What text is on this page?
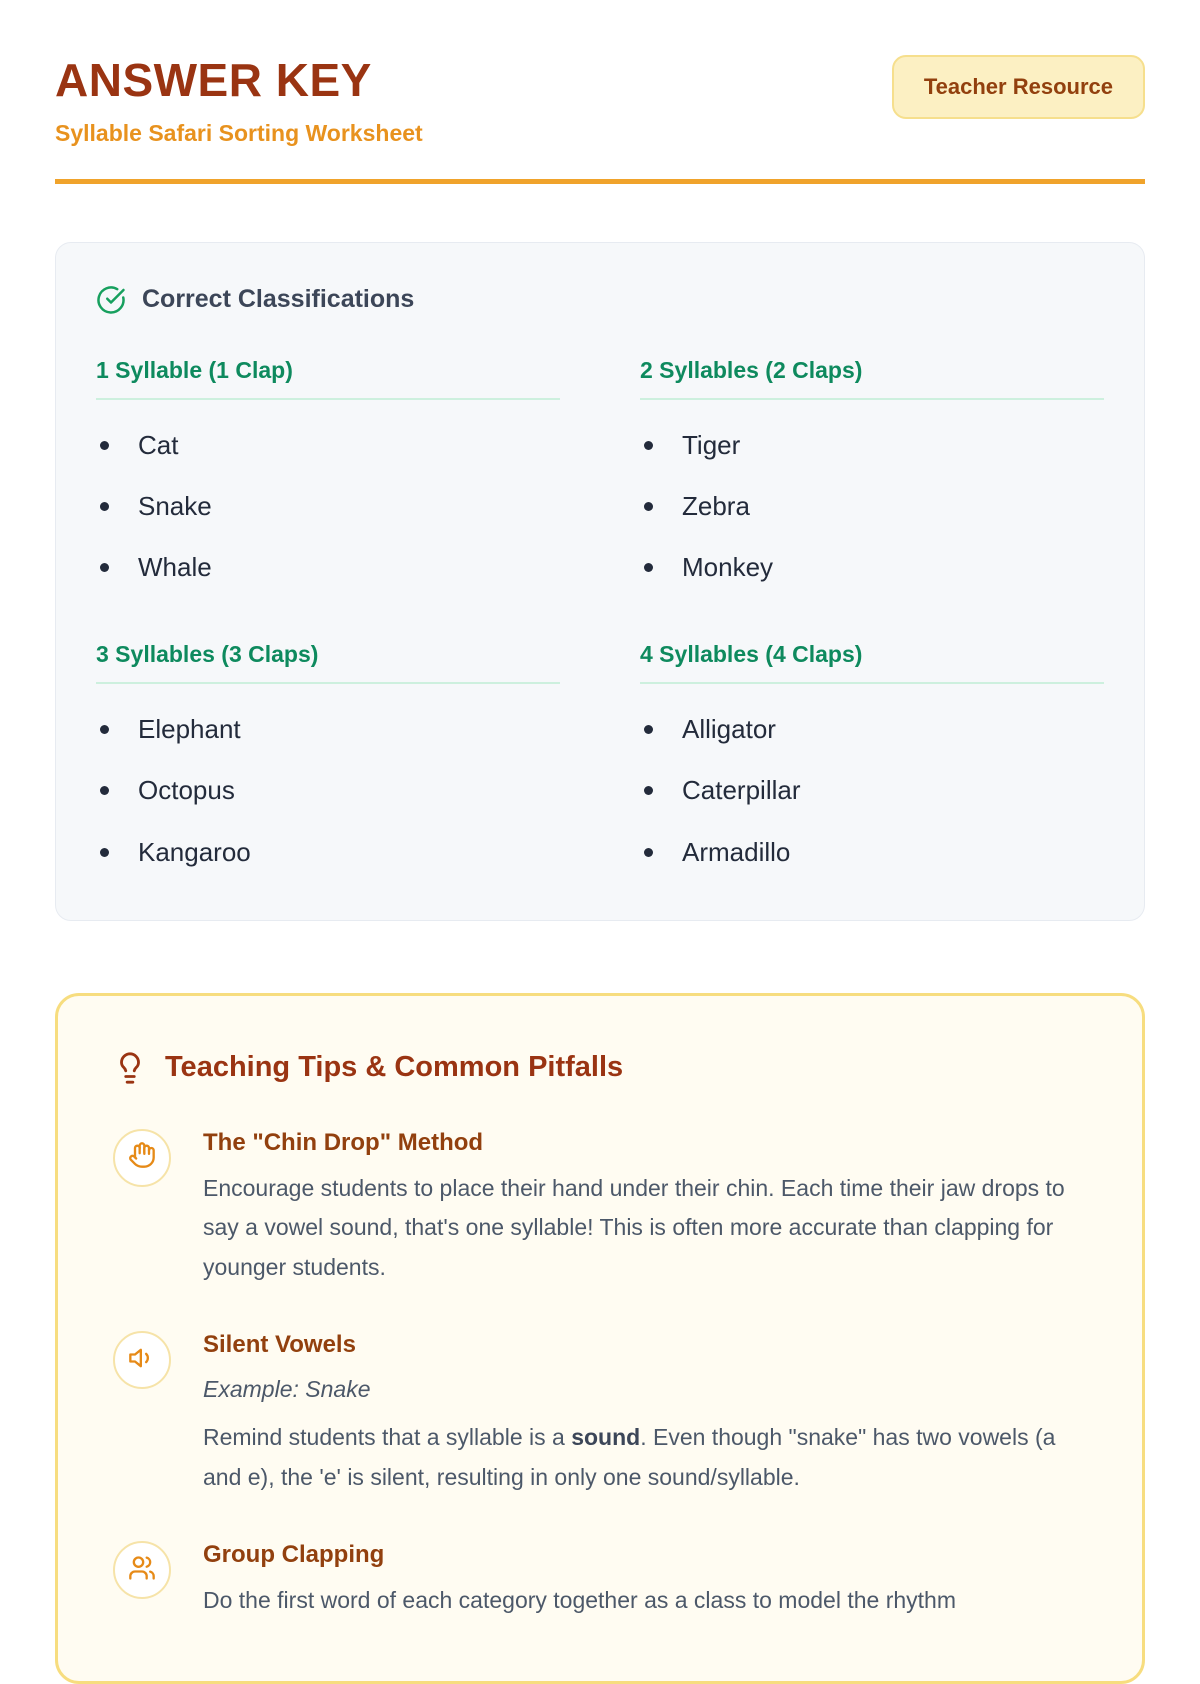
ANSWER KEY
Syllable Safari Sorting Worksheet
Teacher Resource
Correct Classifications
1 Syllable (1 Clap)
Cat
Snake
Whale
2 Syllables (2 Claps)
Tiger
Zebra
Monkey
3 Syllables (3 Claps)
Elephant
Octopus
Kangaroo
4 Syllables (4 Claps)
Alligator
Caterpillar
Armadillo
Teaching Tips & Common Pitfalls
The "Chin Drop" Method
Encourage students to place their hand under their chin. Each time their jaw drops to say a vowel sound, that's one syllable! This is often more accurate than clapping for younger students.
Silent Vowels
Example: Snake
Remind students that a syllable is a sound. Even though "snake" has two vowels (a and e), the 'e' is silent, resulting in only one sound/syllable.
Group Clapping
Do the first word of each category together as a class to model the rhythm
